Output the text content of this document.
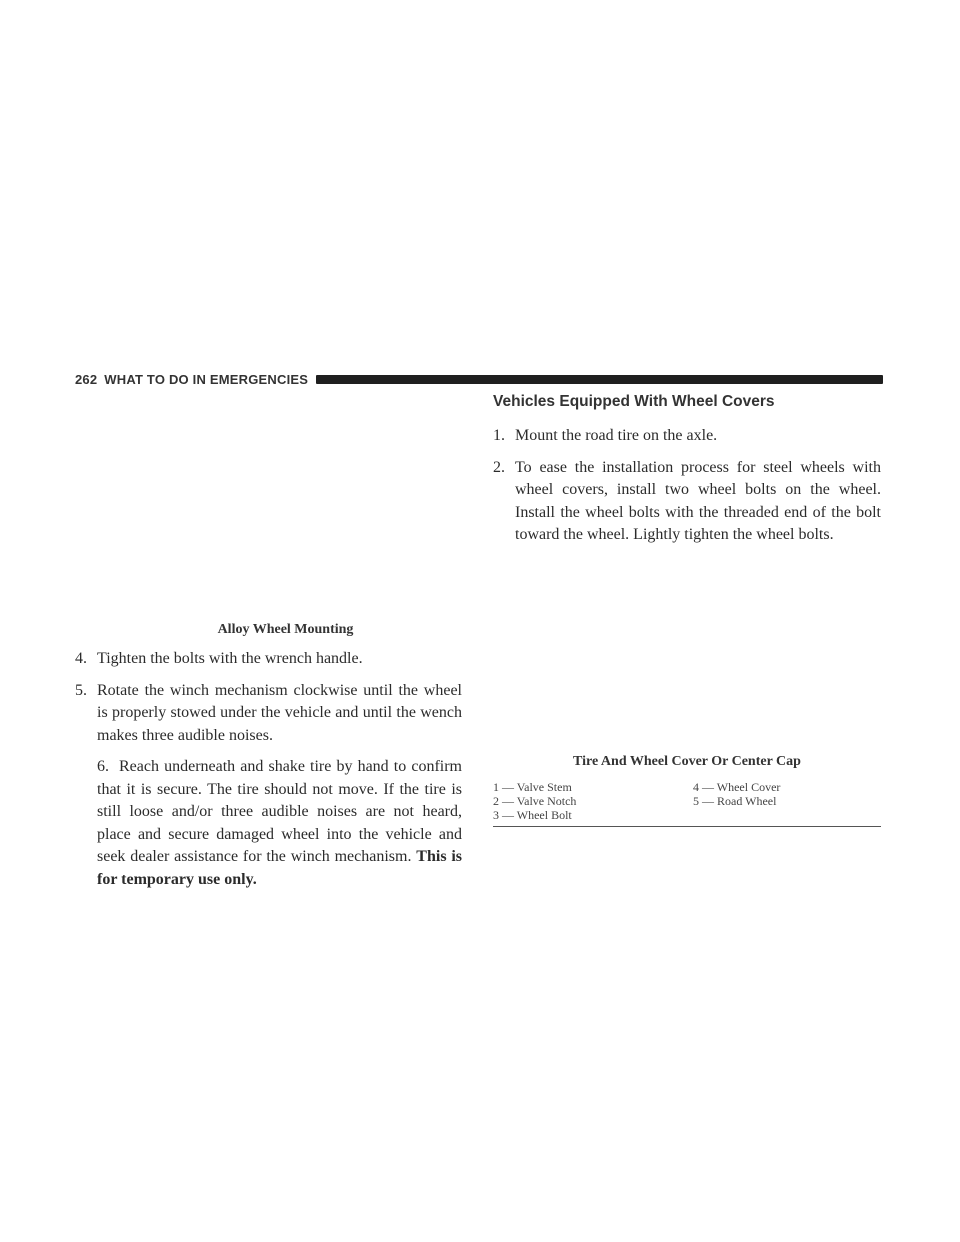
262 WHAT TO DO IN EMERGENCIES
Alloy Wheel Mounting

4. Tighten the bolts with the wrench handle.

5. Rotate the winch mechanism clockwise until the wheel is properly stowed under the vehicle and until the wench makes three audible noises.

6. Reach underneath and shake tire by hand to confirm that it is secure. The tire should not move. If the tire is still loose and/or three audible noises are not heard, place and secure damaged wheel into the vehicle and seek dealer assistance for the winch mechanism. This is for temporary use only.

Vehicles Equipped With Wheel Covers

1. Mount the road tire on the axle.

2. To ease the installation process for steel wheels with wheel covers, install two wheel bolts on the wheel. Install the wheel bolts with the threaded end of the bolt toward the wheel. Lightly tighten the wheel bolts.

Tire And Wheel Cover Or Center Cap
1 — Valve Stem	4 — Wheel Cover
2 — Valve Notch	5 — Road Wheel
3 — Wheel Bolt
